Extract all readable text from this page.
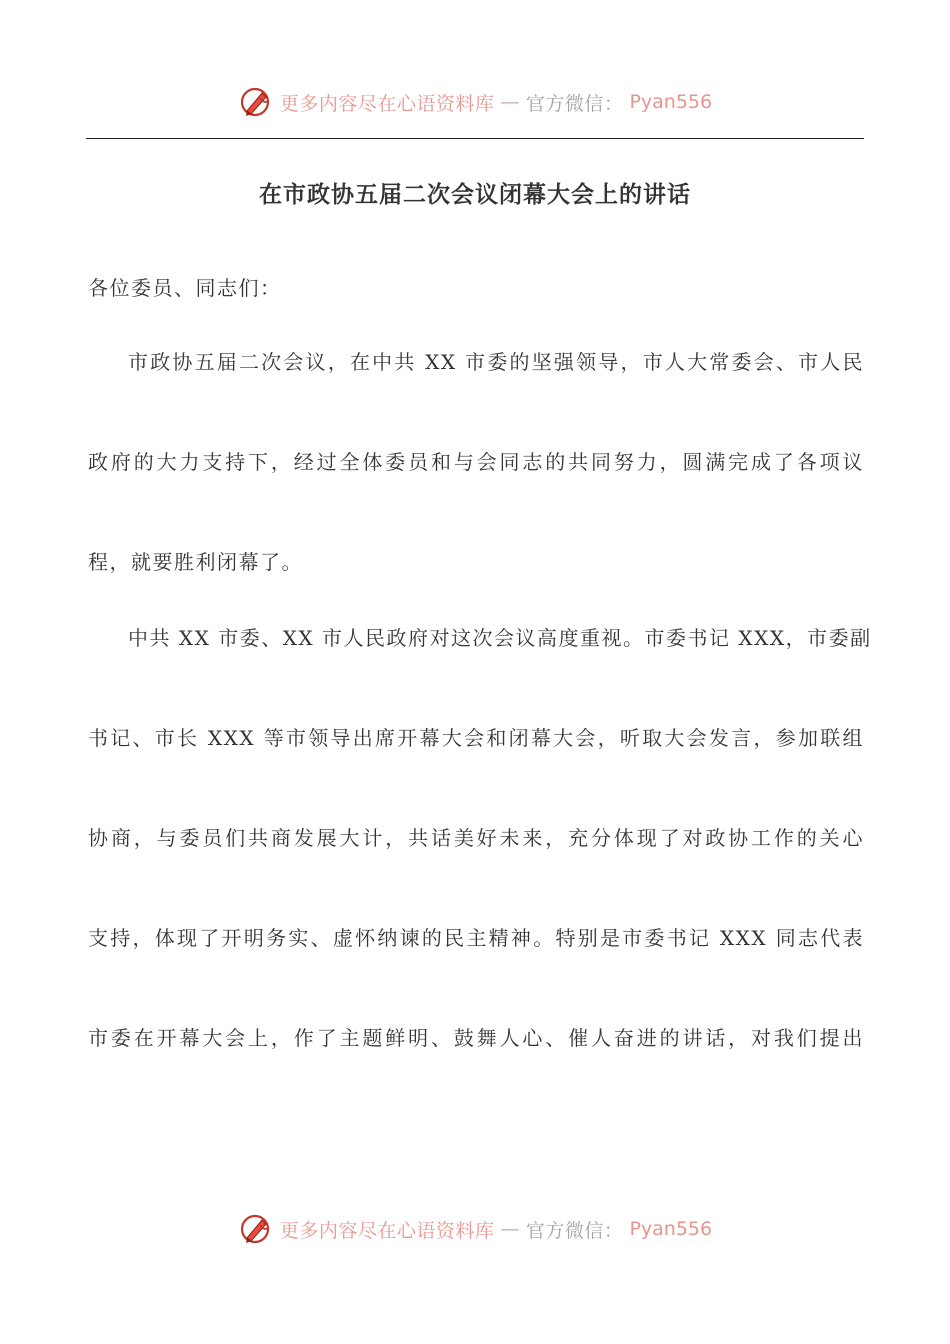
更多内容尽在心语资料库 — 官方微信： Pyan556
在市政协五届二次会议闭幕大会上的讲话

各位委员、同志们：

市政协五届二次会议，在中共 XX 市委的坚强领导，市人大常委会、市人民
政府的大力支持下，经过全体委员和与会同志的共同努力，圆满完成了各项议
程，就要胜利闭幕了。
中共 XX 市委、XX 市人民政府对这次会议高度重视。市委书记 XXX，市委副
书记、市长 XXX 等市领导出席开幕大会和闭幕大会，听取大会发言，参加联组
协商，与委员们共商发展大计，共话美好未来，充分体现了对政协工作的关心
支持，体现了开明务实、虚怀纳谏的民主精神。特别是市委书记 XXX 同志代表
市委在开幕大会上，作了主题鲜明、鼓舞人心、催人奋进的讲话，对我们提出
更多内容尽在心语资料库 — 官方微信： Pyan556
